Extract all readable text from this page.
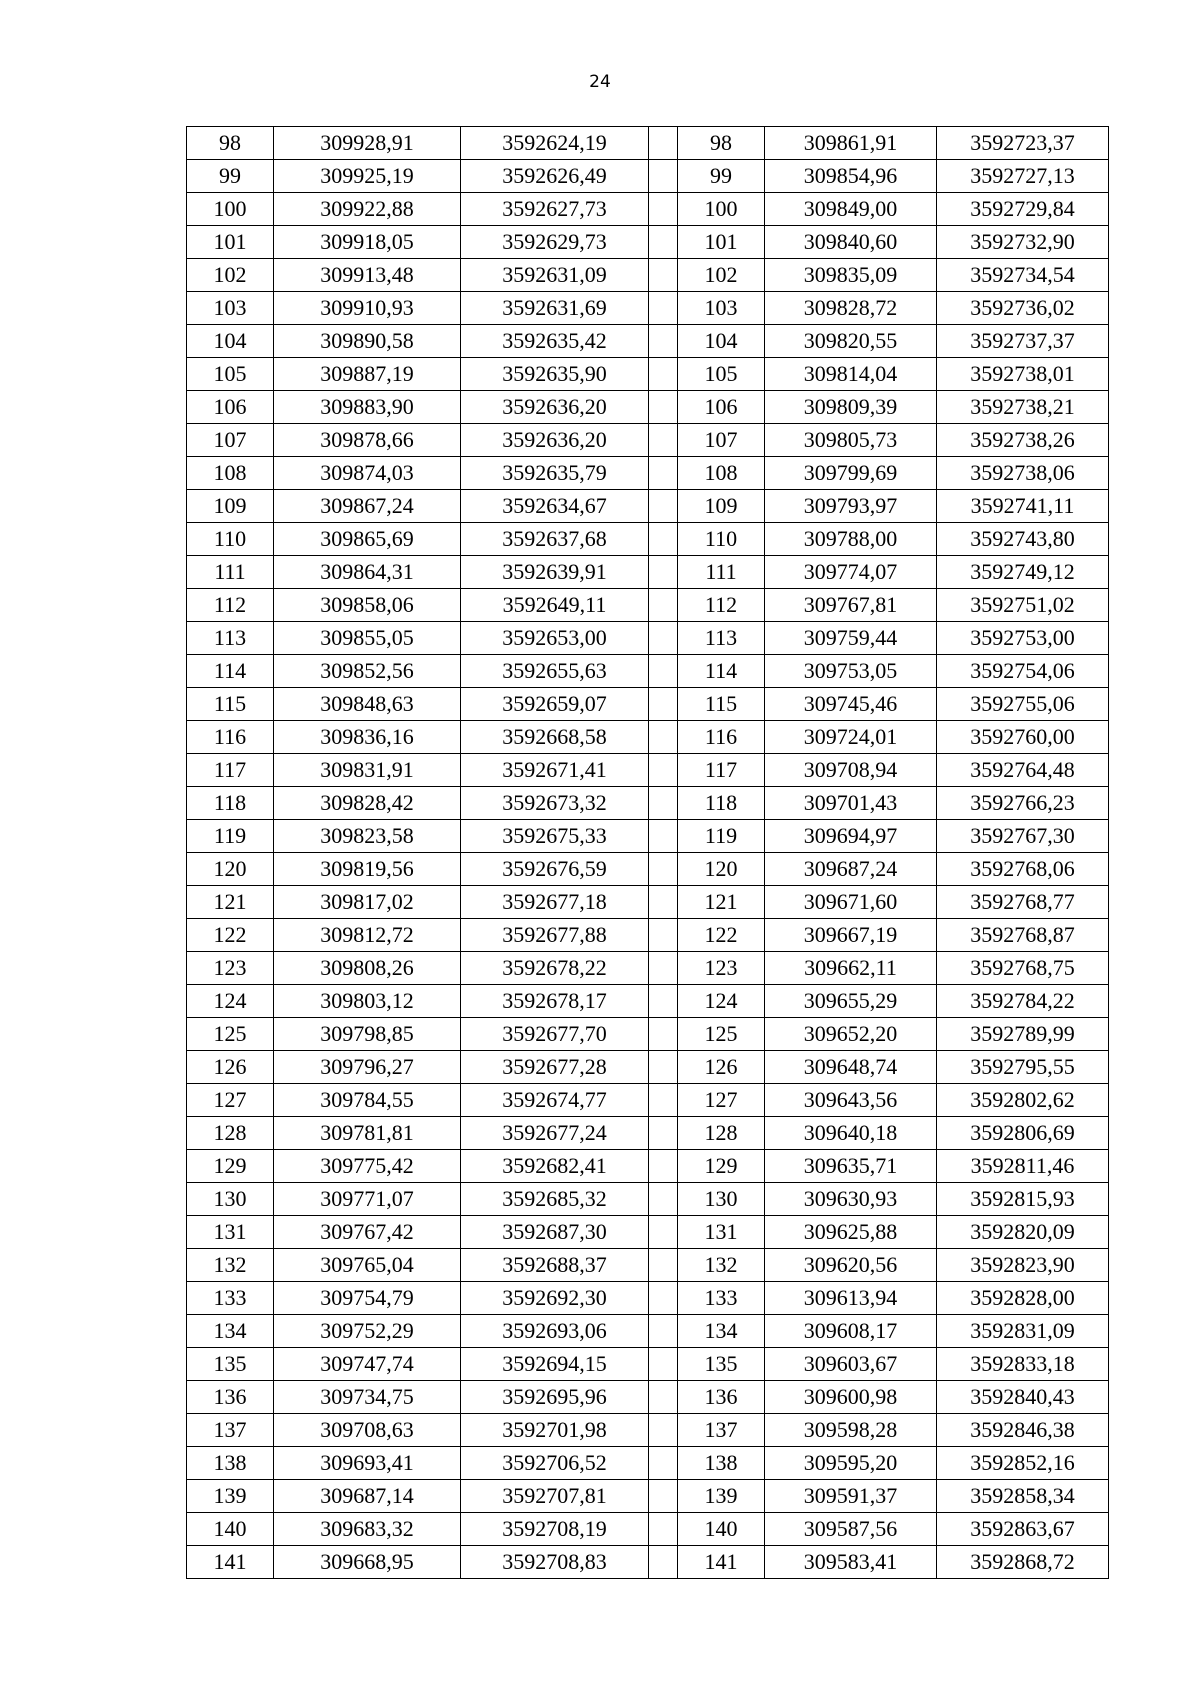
24
98	309928,91	3592624,19		98	309861,91	3592723,37
99	309925,19	3592626,49		99	309854,96	3592727,13
100	309922,88	3592627,73		100	309849,00	3592729,84
101	309918,05	3592629,73		101	309840,60	3592732,90
102	309913,48	3592631,09		102	309835,09	3592734,54
103	309910,93	3592631,69		103	309828,72	3592736,02
104	309890,58	3592635,42		104	309820,55	3592737,37
105	309887,19	3592635,90		105	309814,04	3592738,01
106	309883,90	3592636,20		106	309809,39	3592738,21
107	309878,66	3592636,20		107	309805,73	3592738,26
108	309874,03	3592635,79		108	309799,69	3592738,06
109	309867,24	3592634,67		109	309793,97	3592741,11
110	309865,69	3592637,68		110	309788,00	3592743,80
111	309864,31	3592639,91		111	309774,07	3592749,12
112	309858,06	3592649,11		112	309767,81	3592751,02
113	309855,05	3592653,00		113	309759,44	3592753,00
114	309852,56	3592655,63		114	309753,05	3592754,06
115	309848,63	3592659,07		115	309745,46	3592755,06
116	309836,16	3592668,58		116	309724,01	3592760,00
117	309831,91	3592671,41		117	309708,94	3592764,48
118	309828,42	3592673,32		118	309701,43	3592766,23
119	309823,58	3592675,33		119	309694,97	3592767,30
120	309819,56	3592676,59		120	309687,24	3592768,06
121	309817,02	3592677,18		121	309671,60	3592768,77
122	309812,72	3592677,88		122	309667,19	3592768,87
123	309808,26	3592678,22		123	309662,11	3592768,75
124	309803,12	3592678,17		124	309655,29	3592784,22
125	309798,85	3592677,70		125	309652,20	3592789,99
126	309796,27	3592677,28		126	309648,74	3592795,55
127	309784,55	3592674,77		127	309643,56	3592802,62
128	309781,81	3592677,24		128	309640,18	3592806,69
129	309775,42	3592682,41		129	309635,71	3592811,46
130	309771,07	3592685,32		130	309630,93	3592815,93
131	309767,42	3592687,30		131	309625,88	3592820,09
132	309765,04	3592688,37		132	309620,56	3592823,90
133	309754,79	3592692,30		133	309613,94	3592828,00
134	309752,29	3592693,06		134	309608,17	3592831,09
135	309747,74	3592694,15		135	309603,67	3592833,18
136	309734,75	3592695,96		136	309600,98	3592840,43
137	309708,63	3592701,98		137	309598,28	3592846,38
138	309693,41	3592706,52		138	309595,20	3592852,16
139	309687,14	3592707,81		139	309591,37	3592858,34
140	309683,32	3592708,19		140	309587,56	3592863,67
141	309668,95	3592708,83		141	309583,41	3592868,72
